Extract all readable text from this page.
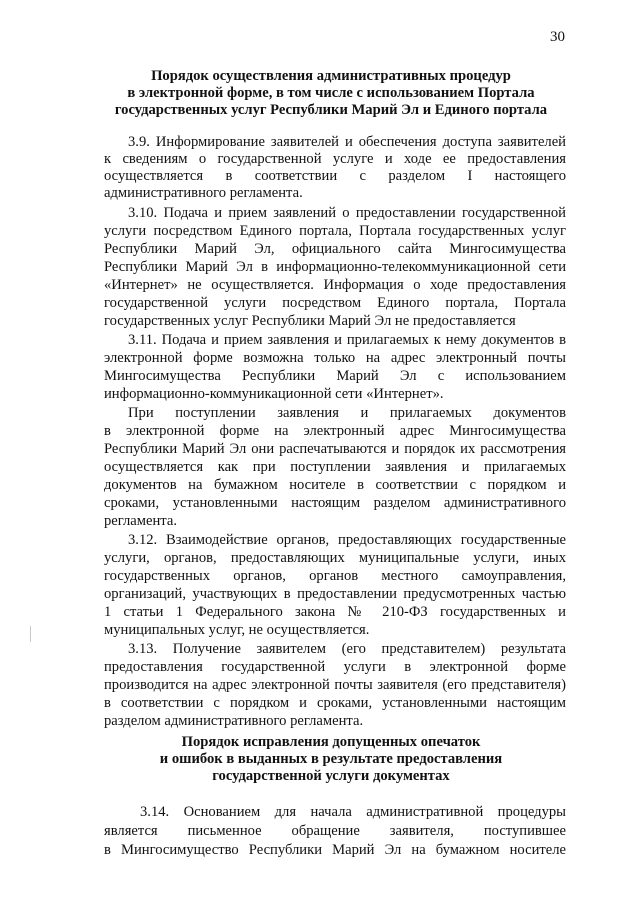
30
Порядок осуществления административных процедур
в электронной форме, в том числе с использованием Портала
государственных услуг Республики Марий Эл и Единого портала
3.9. Информирование заявителей и обеспечения доступа заявителей
к сведениям о государственной услуге и ходе ее предоставления
осуществляется в соответствии с разделом I настоящего
административного регламента.
3.10. Подача и прием заявлений о предоставлении государственной
услуги посредством Единого портала, Портала государственных услуг
Республики Марий Эл, официального сайта Мингосимущества
Республики Марий Эл в информационно-телекоммуникационной сети
«Интернет» не осуществляется. Информация о ходе предоставления
государственной услуги посредством Единого портала, Портала
государственных услуг Республики Марий Эл не предоставляется
3.11. Подача и прием заявления и прилагаемых к нему документов в
электронной форме возможна только на адрес электронный почты
Мингосимущества Республики Марий Эл с использованием
информационно-коммуникационной сети «Интернет».
При поступлении заявления и прилагаемых документов
в электронной форме на электронный адрес Мингосимущества
Республики Марий Эл они распечатываются и порядок их рассмотрения
осуществляется как при поступлении заявления и прилагаемых
документов на бумажном носителе в соответствии с порядком и
сроками, установленными настоящим разделом административного
регламента.
3.12. Взаимодействие органов, предоставляющих государственные
услуги, органов, предоставляющих муниципальные услуги, иных
государственных органов, органов местного самоуправления,
организаций, участвующих в предоставлении предусмотренных частью
1 статьи 1 Федерального закона № 210-ФЗ государственных и
муниципальных услуг, не осуществляется.
3.13. Получение заявителем (его представителем) результата
предоставления государственной услуги в электронной форме
производится на адрес электронной почты заявителя (его представителя)
в соответствии с порядком и сроками, установленными настоящим
разделом административного регламента.
Порядок исправления допущенных опечаток
и ошибок в выданных в результате предоставления
государственной услуги документах
3.14. Основанием для начала административной процедуры
является письменное обращение заявителя, поступившее
в Мингосимущество Республики Марий Эл на бумажном носителе
